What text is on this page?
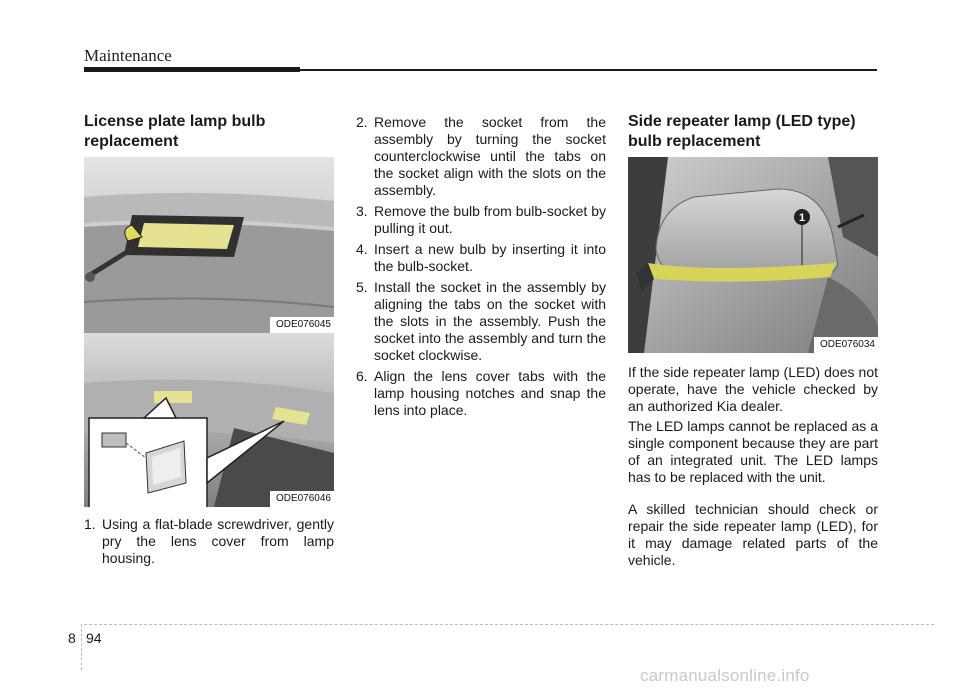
Maintenance
License plate lamp bulb replacement
ODE076045
ODE076046
1. Using a flat-blade screwdriver, gently pry the lens cover from lamp housing.
2. Remove the socket from the assembly by turning the socket counterclockwise until the tabs on the socket align with the slots on the assembly.
3. Remove the bulb from bulb-socket by pulling it out.
4. Insert a new bulb by inserting it into the bulb-socket.
5. Install the socket in the assembly by aligning the tabs on the socket with the slots in the assembly. Push the socket into the assembly and turn the socket clockwise.
6. Align the lens cover tabs with the lamp housing notches and snap the lens into place.
Side repeater lamp (LED type) bulb replacement
1
ODE076034

If the side repeater lamp (LED) does not operate, have the vehicle checked by an authorized Kia dealer.

The LED lamps cannot be replaced as a single component because they are part of an integrated unit. The LED lamps has to be replaced with the unit.

A skilled technician should check or repair the side repeater lamp (LED), for it may damage related parts of the vehicle.

8 94
carmanualsonline.info
